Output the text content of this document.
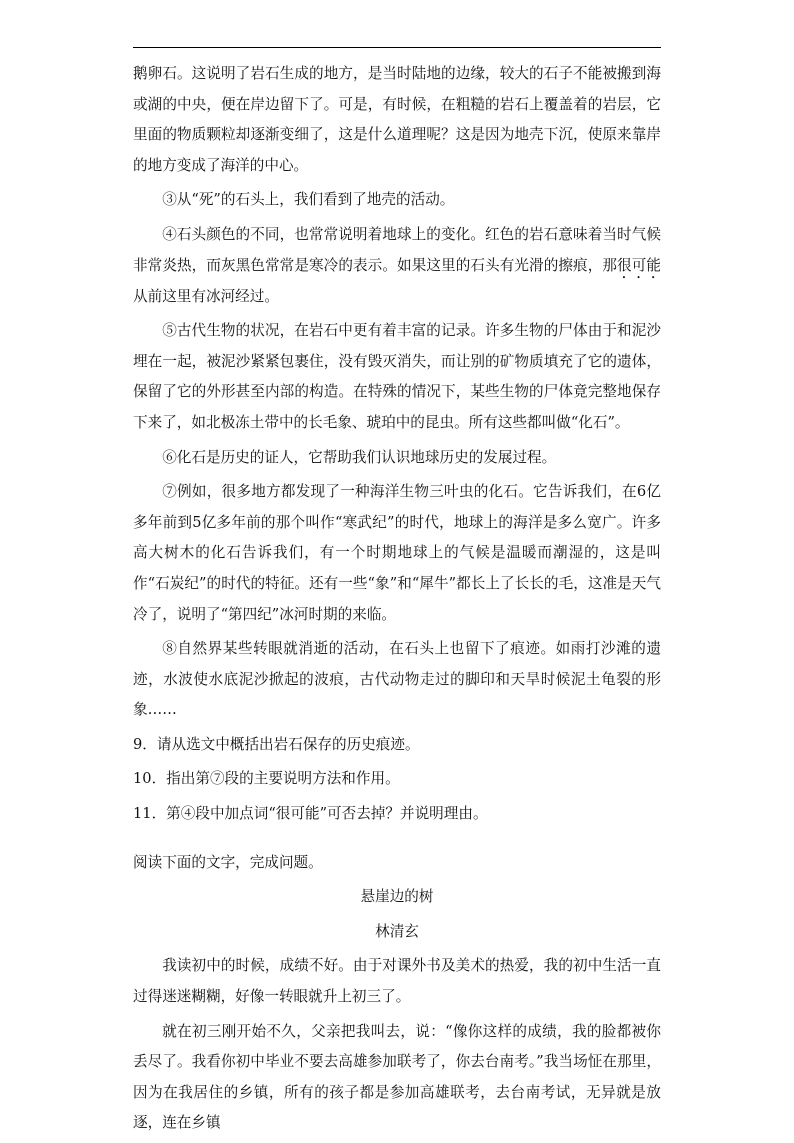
鹅卵石。这说明了岩石生成的地方，是当时陆地的边缘，较大的石子不能被搬到海或湖的中央，便在岸边留下了。可是，有时候，在粗糙的岩石上覆盖着的岩层，它里面的物质颗粒却逐渐变细了，这是什么道理呢？这是因为地壳下沉，使原来靠岸的地方变成了海洋的中心。

③从“死”的石头上，我们看到了地壳的活动。

④石头颜色的不同，也常常说明着地球上的变化。红色的岩石意味着当时气候非常炎热，而灰黑色常常是寒冷的表示。如果这里的石头有光滑的擦痕，那很可能从前这里有冰河经过。

⑤古代生物的状况，在岩石中更有着丰富的记录。许多生物的尸体由于和泥沙埋在一起，被泥沙紧紧包裹住，没有毁灭消失，而让别的矿物质填充了它的遗体，保留了它的外形甚至内部的构造。在特殊的情况下，某些生物的尸体竟完整地保存下来了，如北极冻土带中的长毛象、琥珀中的昆虫。所有这些都叫做“化石”。

⑥化石是历史的证人，它帮助我们认识地球历史的发展过程。

⑦例如，很多地方都发现了一种海洋生物三叶虫的化石。它告诉我们，在6亿多年前到5亿多年前的那个叫作“寒武纪”的时代，地球上的海洋是多么宽广。许多高大树木的化石告诉我们，有一个时期地球上的气候是温暖而潮湿的，这是叫作“石炭纪”的时代的特征。还有一些“象”和“犀牛”都长上了长长的毛，这准是天气冷了，说明了“第四纪”冰河时期的来临。

⑧自然界某些转眼就消逝的活动，在石头上也留下了痕迹。如雨打沙滩的遗迹，水波使水底泥沙掀起的波痕，古代动物走过的脚印和天旱时候泥土龟裂的形象……

9．请从选文中概括出岩石保存的历史痕迹。

10．指出第⑦段的主要说明方法和作用。

11．第④段中加点词“很可能”可否去掉？并说明理由。

阅读下面的文字，完成问题。

悬崖边的树

林清玄

我读初中的时候，成绩不好。由于对课外书及美术的热爱，我的初中生活一直过得迷迷糊糊，好像一转眼就升上初三了。

就在初三刚开始不久，父亲把我叫去，说：“像你这样的成绩，我的脸都被你丢尽了。我看你初中毕业不要去高雄参加联考了，你去台南考。”我当场怔在那里，因为在我居住的乡镇，所有的孩子都是参加高雄联考，去台南考试，无异就是放逐，连在乡镇
